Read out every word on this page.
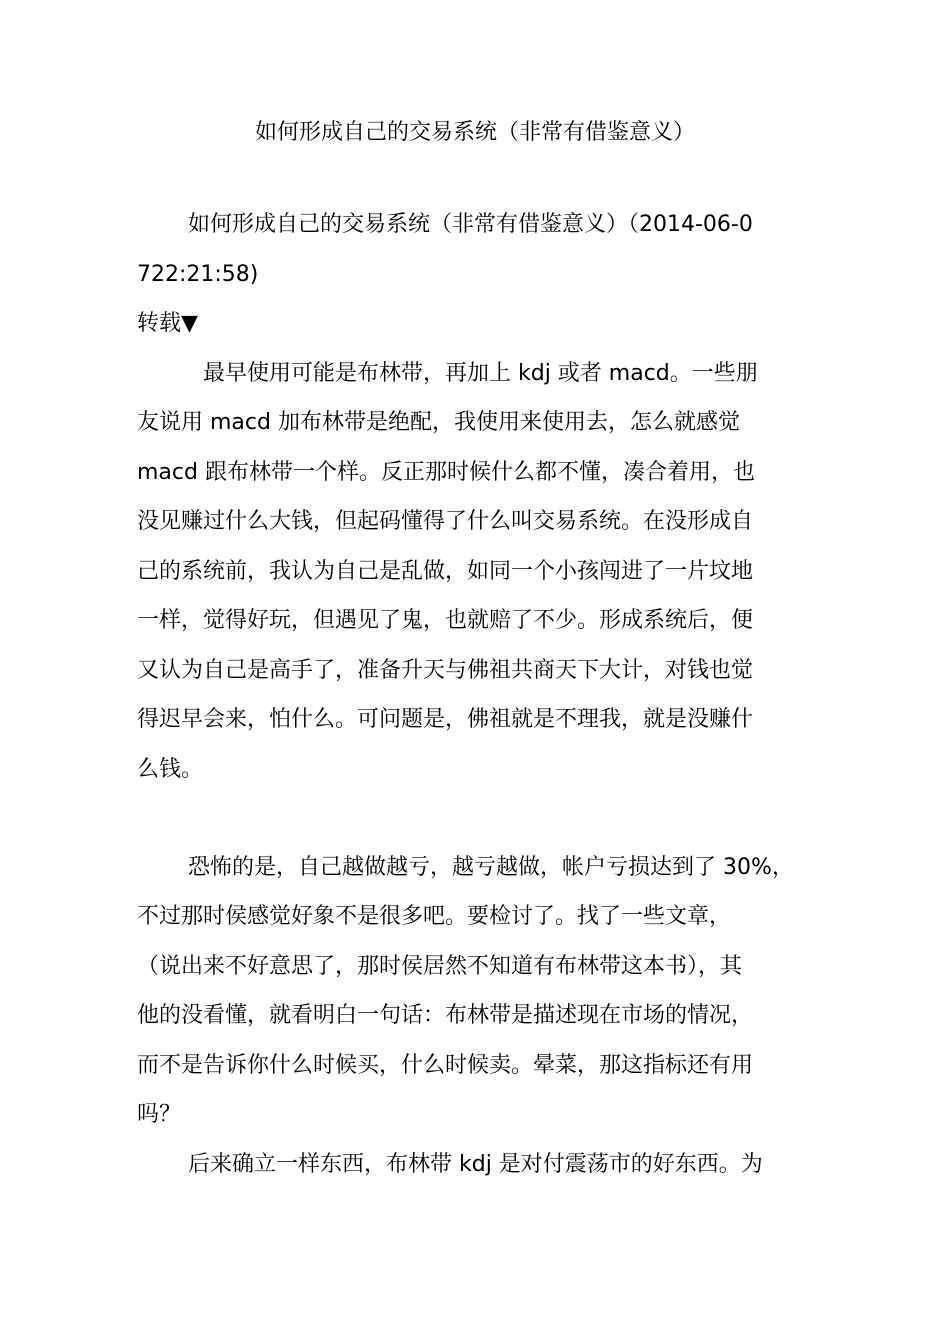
如何形成自己的交易系统（非常有借鉴意义）

如何形成自己的交易系统（非常有借鉴意义）（2014-06-0

722:21:58)

转载▼

最早使用可能是布林带，再加上 kdj 或者 macd。一些朋

友说用 macd 加布林带是绝配，我使用来使用去，怎么就感觉

macd 跟布林带一个样。反正那时候什么都不懂，凑合着用，也

没见赚过什么大钱，但起码懂得了什么叫交易系统。在没形成自

己的系统前，我认为自己是乱做，如同一个小孩闯进了一片坟地

一样，觉得好玩，但遇见了鬼，也就赔了不少。形成系统后，便

又认为自己是高手了，准备升天与佛祖共商天下大计，对钱也觉

得迟早会来，怕什么。可问题是，佛祖就是不理我，就是没赚什

么钱。

恐怖的是，自己越做越亏，越亏越做，帐户亏损达到了 30%，

不过那时侯感觉好象不是很多吧。要检讨了。找了一些文章，

（说出来不好意思了，那时侯居然不知道有布林带这本书），其

他的没看懂，就看明白一句话：布林带是描述现在市场的情况，

而不是告诉你什么时候买，什么时候卖。晕菜，那这指标还有用

吗？

后来确立一样东西，布林带 kdj 是对付震荡市的好东西。为
